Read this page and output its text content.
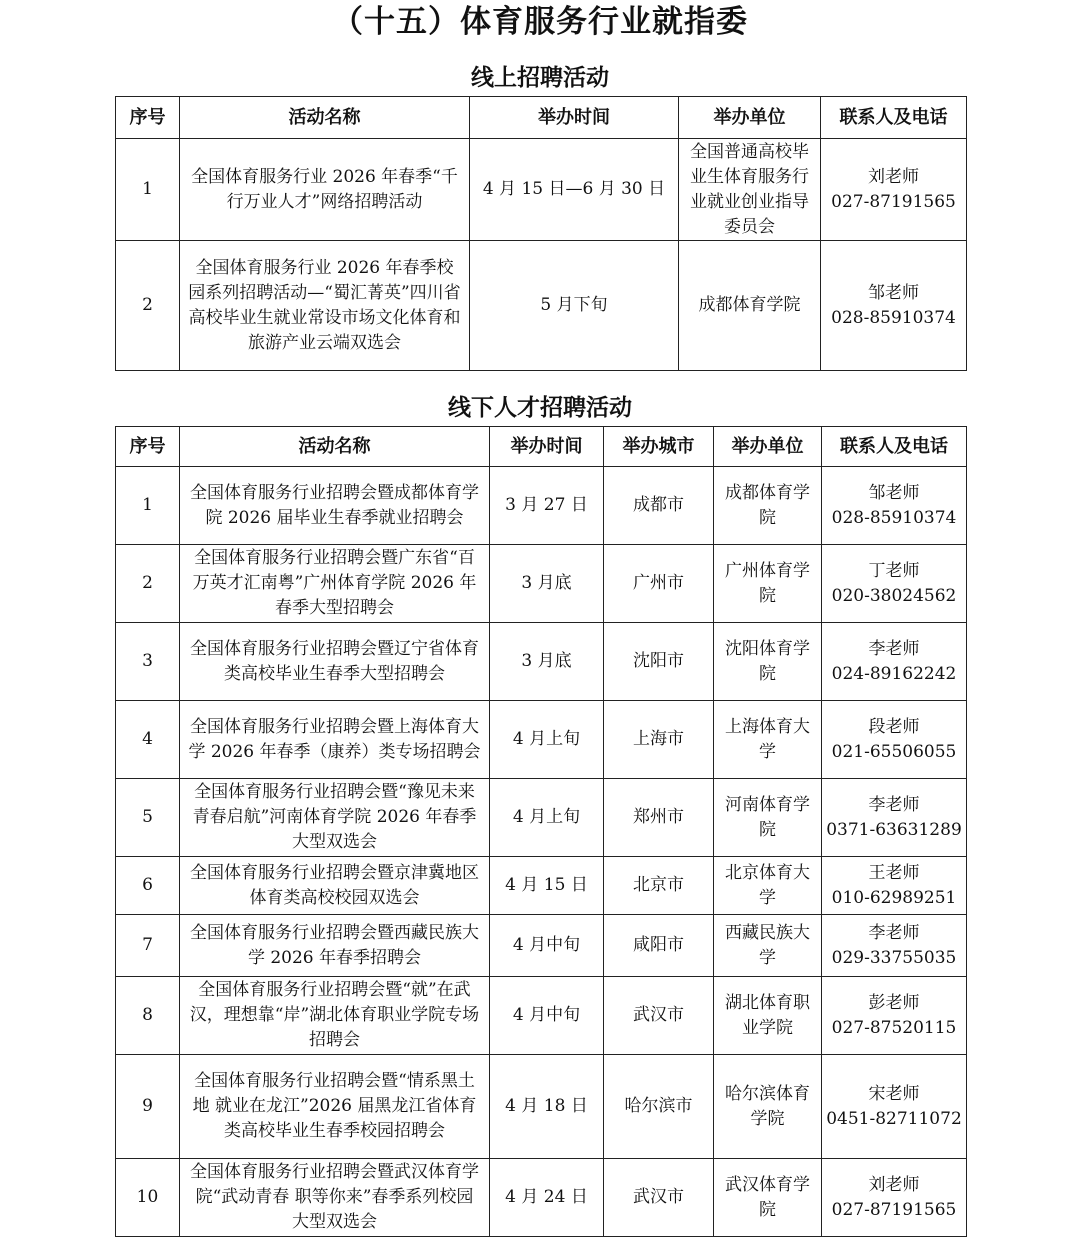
（十五）体育服务行业就指委
线上招聘活动
序号	活动名称	举办时间	举办单位	联系人及电话
1	全国体育服务行业 2026 年春季“千行万业人才”网络招聘活动	4 月 15 日—6 月 30 日	全国普通高校毕业生体育服务行业就业创业指导委员会	刘老师
027-87191565

2	全国体育服务行业 2026 年春季校园系列招聘活动—“蜀汇菁英”四川省高校毕业生就业常设市场文化体育和旅游产业云端双选会	5 月下旬	成都体育学院	邹老师
028-85910374
线下人才招聘活动
序号	活动名称	举办时间	举办城市	举办单位	联系人及电话
1	全国体育服务行业招聘会暨成都体育学院 2026 届毕业生春季就业招聘会	3 月 27 日	成都市	成都体育学院	邹老师
028-85910374

2	全国体育服务行业招聘会暨广东省“百万英才汇南粤”广州体育学院 2026 年春季大型招聘会	3 月底	广州市	广州体育学院	丁老师
020-38024562

3	全国体育服务行业招聘会暨辽宁省体育类高校毕业生春季大型招聘会	3 月底	沈阳市	沈阳体育学院	李老师
024-89162242

4	全国体育服务行业招聘会暨上海体育大学 2026 年春季（康养）类专场招聘会	4 月上旬	上海市	上海体育大学	段老师
021-65506055

5	全国体育服务行业招聘会暨“豫见未来 青春启航”河南体育学院 2026 年春季大型双选会	4 月上旬	郑州市	河南体育学院	李老师
0371-63631289

6	全国体育服务行业招聘会暨京津冀地区体育类高校校园双选会	4 月 15 日	北京市	北京体育大学	王老师
010-62989251

7	全国体育服务行业招聘会暨西藏民族大学 2026 年春季招聘会	4 月中旬	咸阳市	西藏民族大学	李老师
029-33755035

8	全国体育服务行业招聘会暨“就”在武汉，理想靠“岸”湖北体育职业学院专场招聘会	4 月中旬	武汉市	湖北体育职业学院	彭老师
027-87520115

9	全国体育服务行业招聘会暨“情系黑土地 就业在龙江”2026 届黑龙江省体育类高校毕业生春季校园招聘会	4 月 18 日	哈尔滨市	哈尔滨体育学院	宋老师
0451-82711072

10	全国体育服务行业招聘会暨武汉体育学院“武动青春 职等你来”春季系列校园大型双选会	4 月 24 日	武汉市	武汉体育学院	刘老师
027-87191565
